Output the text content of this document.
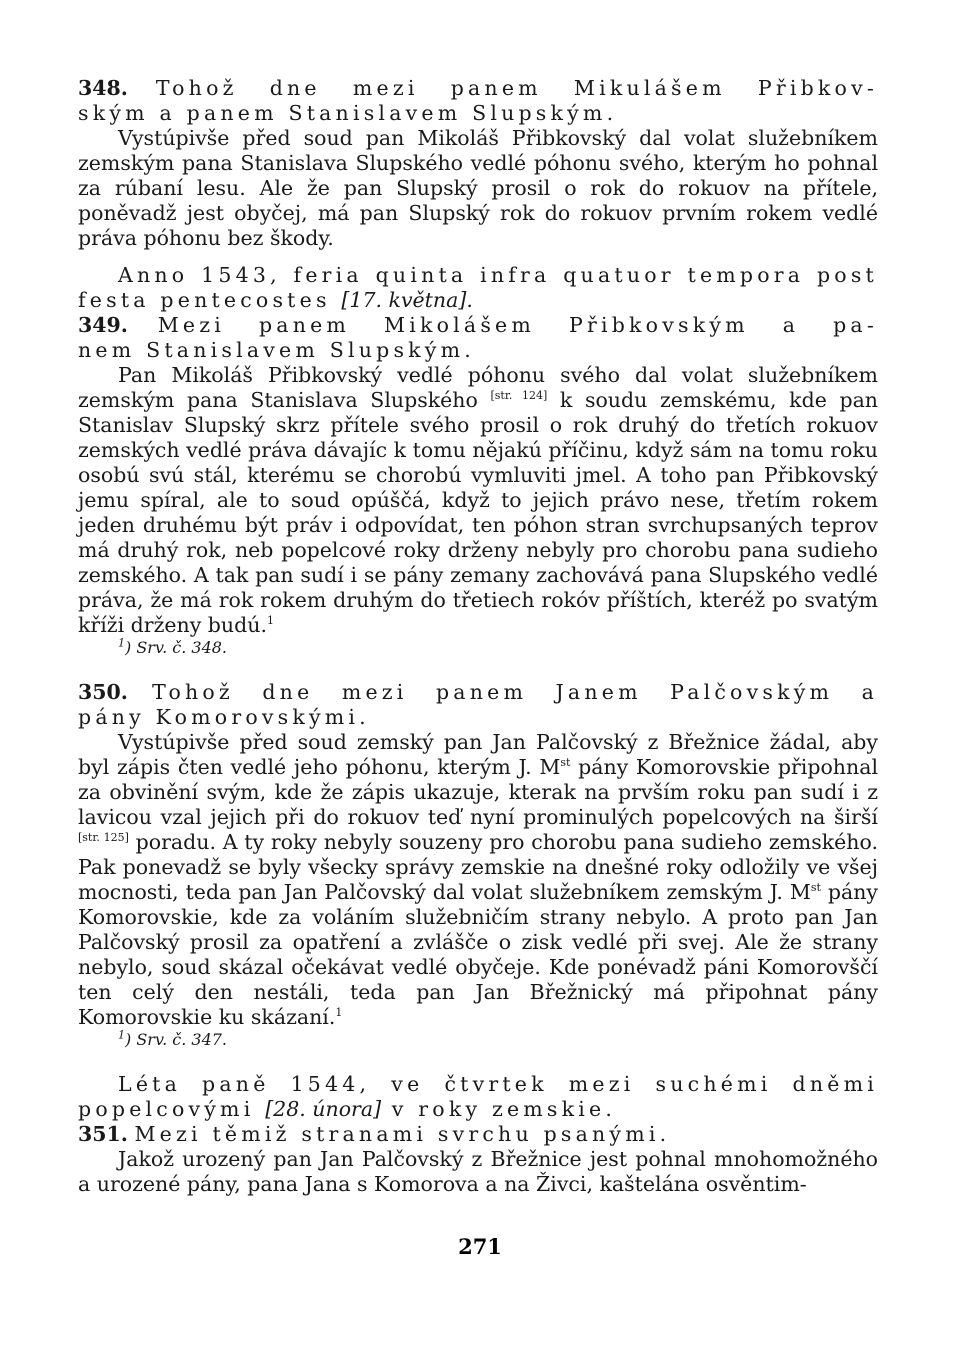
348. Tohož dne mezi panem Mikulášem Přibkov-

ským a panem Stanislavem Slupským.

Vystúpivše před soud pan Mikoláš Přibkovský dal volat služebníkem zemským pana Stanislava Slupského vedlé póhonu svého, kterým ho pohnal za rúbaní lesu. Ale že pan Slupský prosil o rok do rokuov na přítele, poněvadž jest obyčej, má pan Slupský rok do rokuov prvním rokem vedlé práva póhonu bez škody.

Anno 1543, feria quinta infra quatuor tempora post festa pentecostes [17. května].

349. Mezi panem Mikolášem Přibkovským a pa-

nem Stanislavem Slupským.

Pan Mikoláš Přibkovský vedlé póhonu svého dal volat služebníkem zemským pana Stanislava Slupského [str. 124] k soudu zemskému, kde pan Stanislav Slupský skrz přítele svého prosil o rok druhý do třetích rokuov zemských vedlé práva dávajíc k tomu nějakú příčinu, když sám na tomu roku osobú svú stál, kterému se chorobú vymluviti jmel. A toho pan Přibkovský jemu spíral, ale to soud opúščá, když to jejich právo nese, třetím rokem jeden druhému být práv i odpovídat, ten póhon stran svrchupsaných teprov má druhý rok, neb popelcové roky drženy nebyly pro chorobu pana sudieho zemského. A tak pan sudí i se pány zemany zachovává pana Slupského vedlé práva, že má rok rokem druhým do třetiech rokóv příštích, kteréž po svatým kříži drženy budú.$^1$

$^1$) Srv. č. 348.

350. Tohož dne mezi panem Janem Palčovským a

pány Komorovskými.

Vystúpivše před soud zemský pan Jan Palčovský z Břežnice žádal, aby byl zápis čten vedlé jeho póhonu, kterým J. Mst pány Komorovskie připohnal za obvinění svým, kde že zápis ukazuje, kterak na prvším roku pan sudí i z lavicou vzal jejich při do rokuov teď nyní prominulých popelcových na širší [str. 125] poradu. A ty roky nebyly souzeny pro chorobu pana sudieho zemského. Pak ponevadž se byly všecky správy zemskie na dnešné roky odložily ve všej mocnosti, teda pan Jan Palčovský dal volat služebníkem zemským J. Mst pány Komorovskie, kde za voláním služebničím strany nebylo. A proto pan Jan Palčovský prosil za opatření a zvlášče o zisk vedlé při svej. Ale že strany nebylo, soud skázal očekávat vedlé obyčeje. Kde ponévadž páni Komorovščí ten celý den nestáli, teda pan Jan Břežnický má připohnat pány Komorovskie ku skázaní.$^1$

$^1$) Srv. č. 347.

Léta paně 1544, ve čtvrtek mezi suchémi dněmi popelcovými [28. února] v roky zemskie.

351. Mezi těmiž stranami svrchu psanými.

Jakož urozený pan Jan Palčovský z Břežnice jest pohnal mnohomožného a urozené pány, pana Jana s Komorova a na Živci, kaštelána osvěntim-

271
